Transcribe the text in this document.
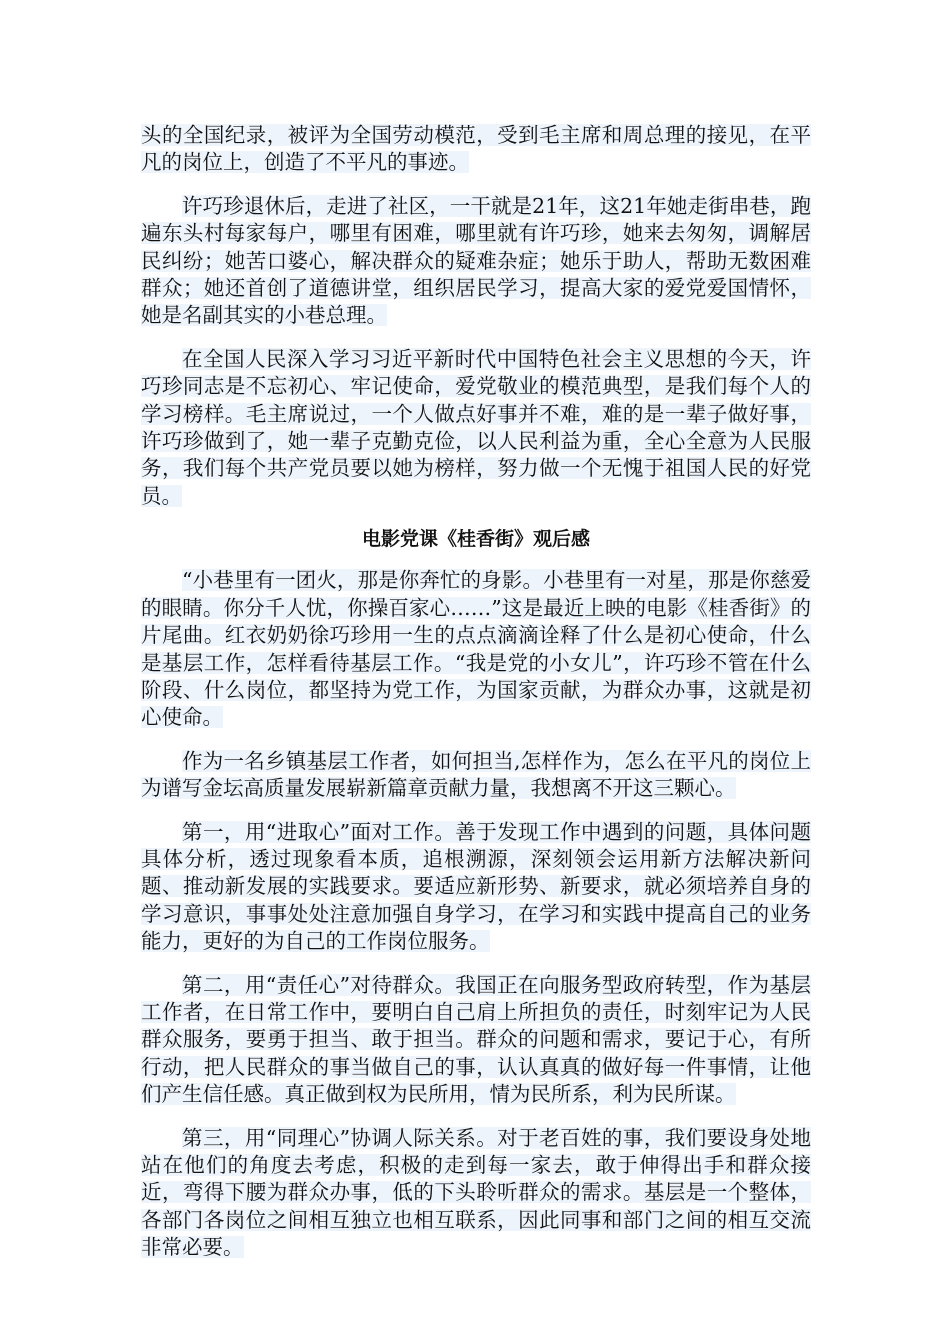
头的全国纪录，被评为全国劳动模范，受到毛主席和周总理的接见，在平凡的岗位上，创造了不平凡的事迹。

许巧珍退休后，走进了社区，一干就是21年，这21年她走街串巷，跑遍东头村每家每户，哪里有困难，哪里就有许巧珍，她来去匆匆，调解居民纠纷；她苦口婆心，解决群众的疑难杂症；她乐于助人，帮助无数困难群众；她还首创了道德讲堂，组织居民学习，提高大家的爱党爱国情怀，她是名副其实的小巷总理。

在全国人民深入学习习近平新时代中国特色社会主义思想的今天，许巧珍同志是不忘初心、牢记使命，爱党敬业的模范典型，是我们每个人的学习榜样。毛主席说过，一个人做点好事并不难，难的是一辈子做好事，许巧珍做到了，她一辈子克勤克俭，以人民利益为重，全心全意为人民服务，我们每个共产党员要以她为榜样，努力做一个无愧于祖国人民的好党员。

电影党课《桂香街》观后感

“小巷里有一团火，那是你奔忙的身影。小巷里有一对星，那是你慈爱的眼睛。你分千人忧，你操百家心……”这是最近上映的电影《桂香街》的片尾曲。红衣奶奶徐巧珍用一生的点点滴滴诠释了什么是初心使命，什么是基层工作，怎样看待基层工作。“我是党的小女儿”，许巧珍不管在什么阶段、什么岗位，都坚持为党工作，为国家贡献，为群众办事，这就是初心使命。

作为一名乡镇基层工作者，如何担当,怎样作为，怎么在平凡的岗位上为谱写金坛高质量发展崭新篇章贡献力量，我想离不开这三颗心。

第一，用“进取心”面对工作。善于发现工作中遇到的问题，具体问题具体分析，透过现象看本质，追根溯源，深刻领会运用新方法解决新问题、推动新发展的实践要求。要适应新形势、新要求，就必须培养自身的学习意识，事事处处注意加强自身学习，在学习和实践中提高自己的业务能力，更好的为自己的工作岗位服务。

第二，用“责任心”对待群众。我国正在向服务型政府转型，作为基层工作者，在日常工作中，要明白自己肩上所担负的责任，时刻牢记为人民群众服务，要勇于担当、敢于担当。群众的问题和需求，要记于心，有所行动，把人民群众的事当做自己的事，认认真真的做好每一件事情，让他们产生信任感。真正做到权为民所用，情为民所系，利为民所谋。

第三，用“同理心”协调人际关系。对于老百姓的事，我们要设身处地站在他们的角度去考虑，积极的走到每一家去，敢于伸得出手和群众接近，弯得下腰为群众办事，低的下头聆听群众的需求。基层是一个整体，各部门各岗位之间相互独立也相互联系，因此同事和部门之间的相互交流非常必要。
